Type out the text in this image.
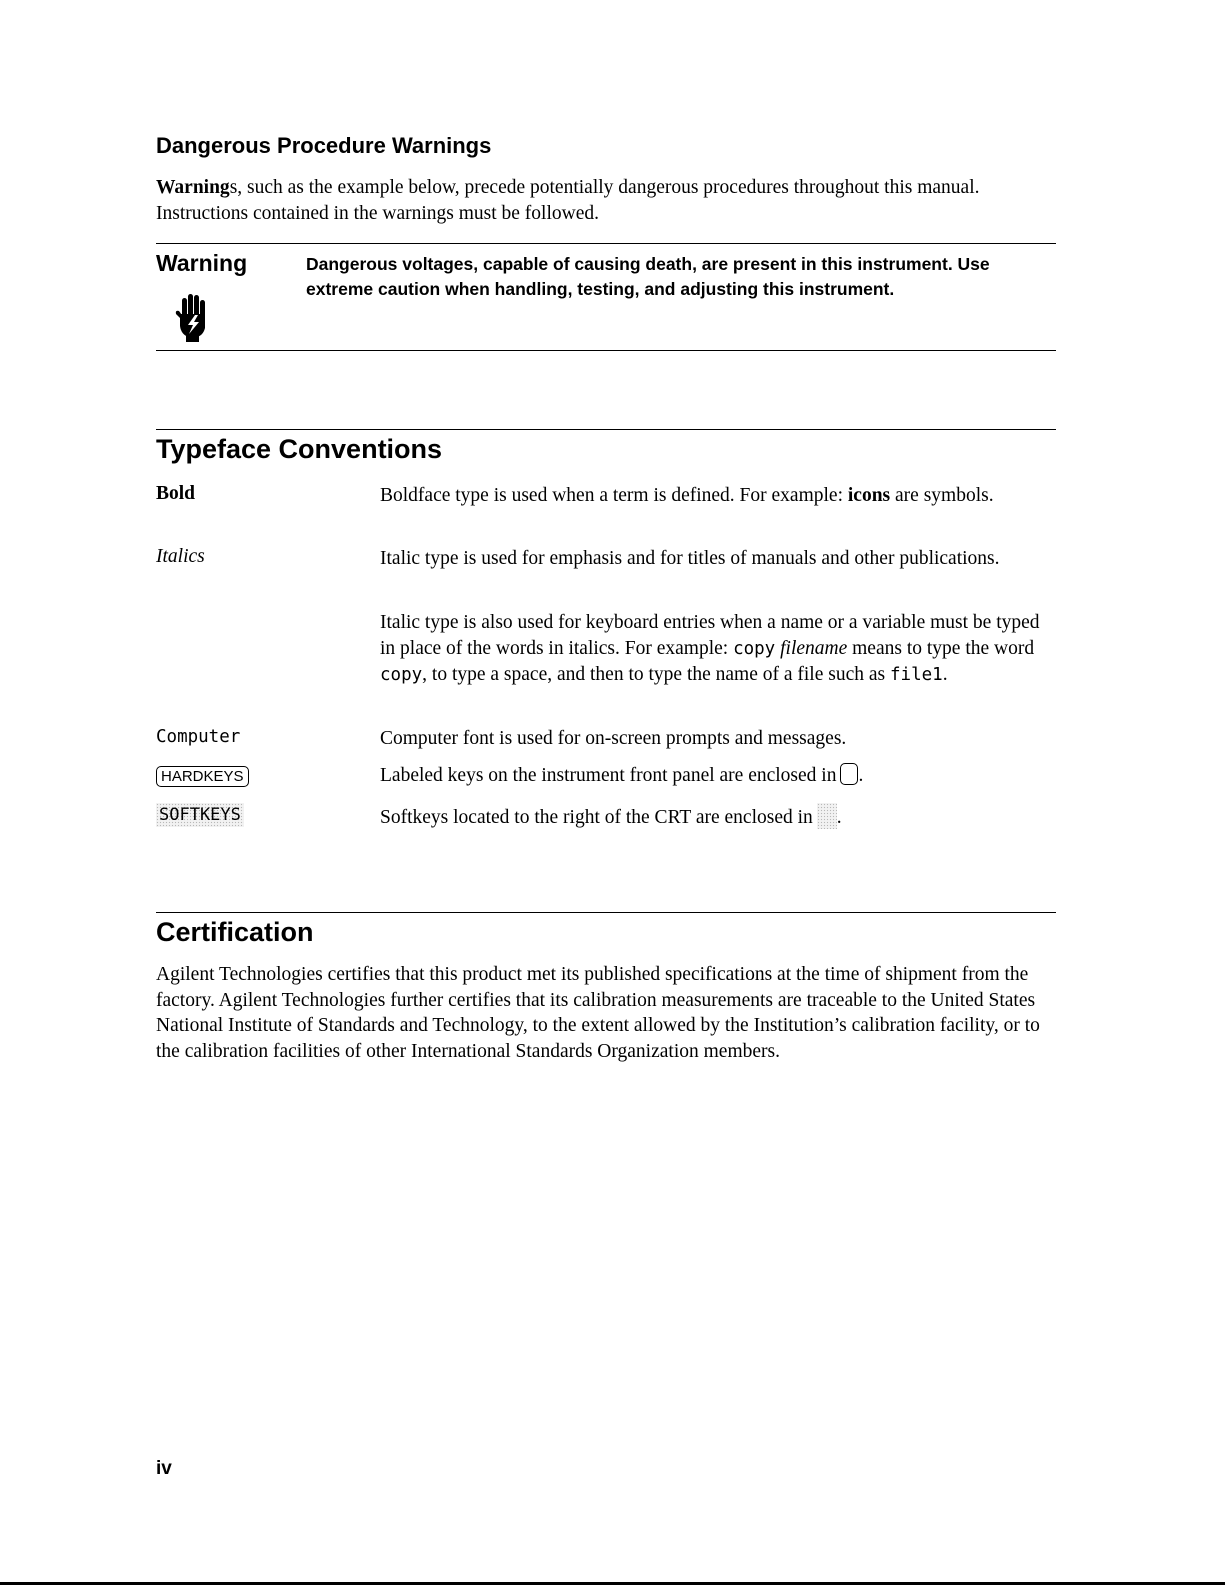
Dangerous Procedure Warnings
Warnings, such as the example below, precede potentially dangerous procedures throughout this manual. Instructions contained in the warnings must be followed.
Warning	Dangerous voltages, capable of causing death, are present in this instrument. Use extreme caution when handling, testing, and adjusting this instrument.
Typeface Conventions
Bold	Boldface type is used when a term is defined. For example: icons are symbols.
Italics	Italic type is used for emphasis and for titles of manuals and other publications.
Italic type is also used for keyboard entries when a name or a variable must be typed in place of the words in italics. For example: copy filename means to type the word copy, to type a space, and then to type the name of a file such as file1.
Computer	Computer font is used for on-screen prompts and messages.
HARDKEYS	Labeled keys on the instrument front panel are enclosed in .
SOFTKEYS	Softkeys located to the right of the CRT are enclosed in .
Certification
Agilent Technologies certifies that this product met its published specifications at the time of shipment from the factory. Agilent Technologies further certifies that its calibration measurements are traceable to the United States National Institute of Standards and Technology, to the extent allowed by the Institution’s calibration facility, or to the calibration facilities of other International Standards Organization members.
iv
